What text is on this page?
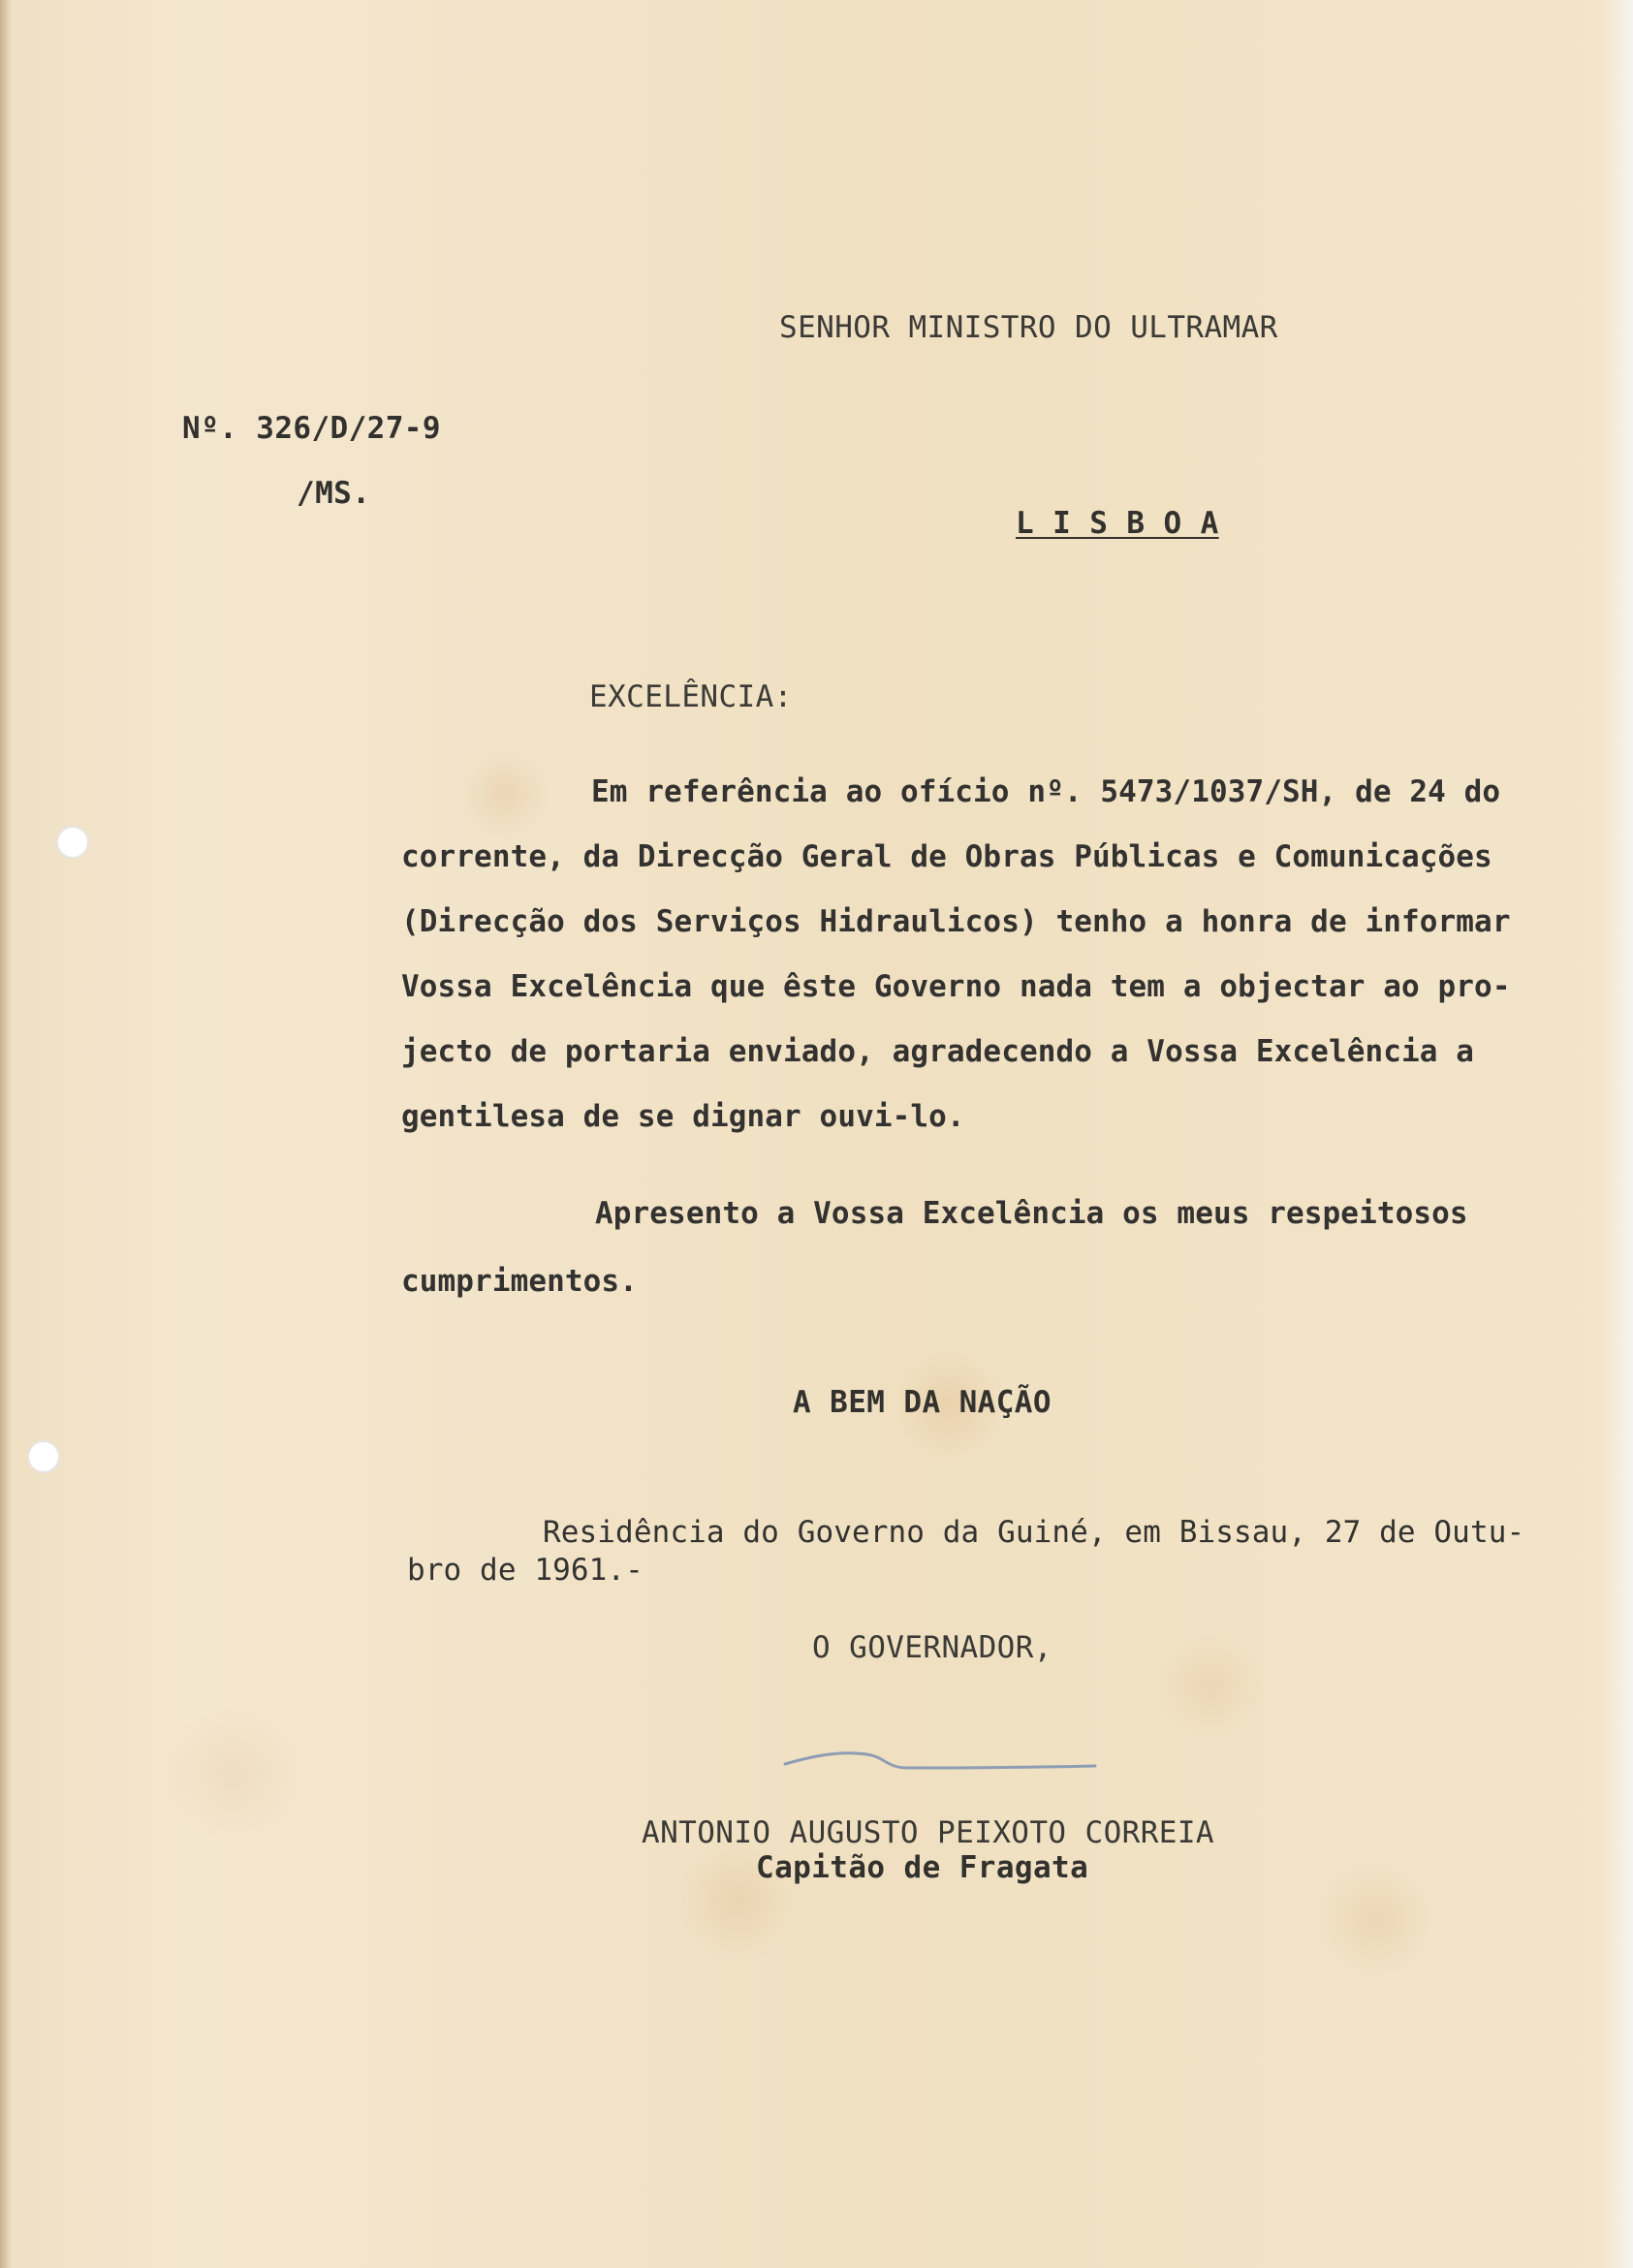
SENHOR MINISTRO DO ULTRAMAR

Nº. 326/D/27-9

/MS.

L I S B O A

EXCELÊNCIA:

Em referência ao ofício nº. 5473/1037/SH, de 24 do

corrente, da Direcção Geral de Obras Públicas e Comunicações

(Direcção dos Serviços Hidraulicos) tenho a honra de informar

Vossa Excelência que êste Governo nada tem a objectar ao pro-

jecto de portaria enviado, agradecendo a Vossa Excelência a

gentilesa de se dignar ouvi-lo.

Apresento a Vossa Excelência os meus respeitosos

cumprimentos.

A BEM DA NAÇÃO

Residência do Governo da Guiné, em Bissau, 27 de Outu-

bro de 1961.-

O GOVERNADOR,

ANTONIO AUGUSTO PEIXOTO CORREIA

Capitão de Fragata
